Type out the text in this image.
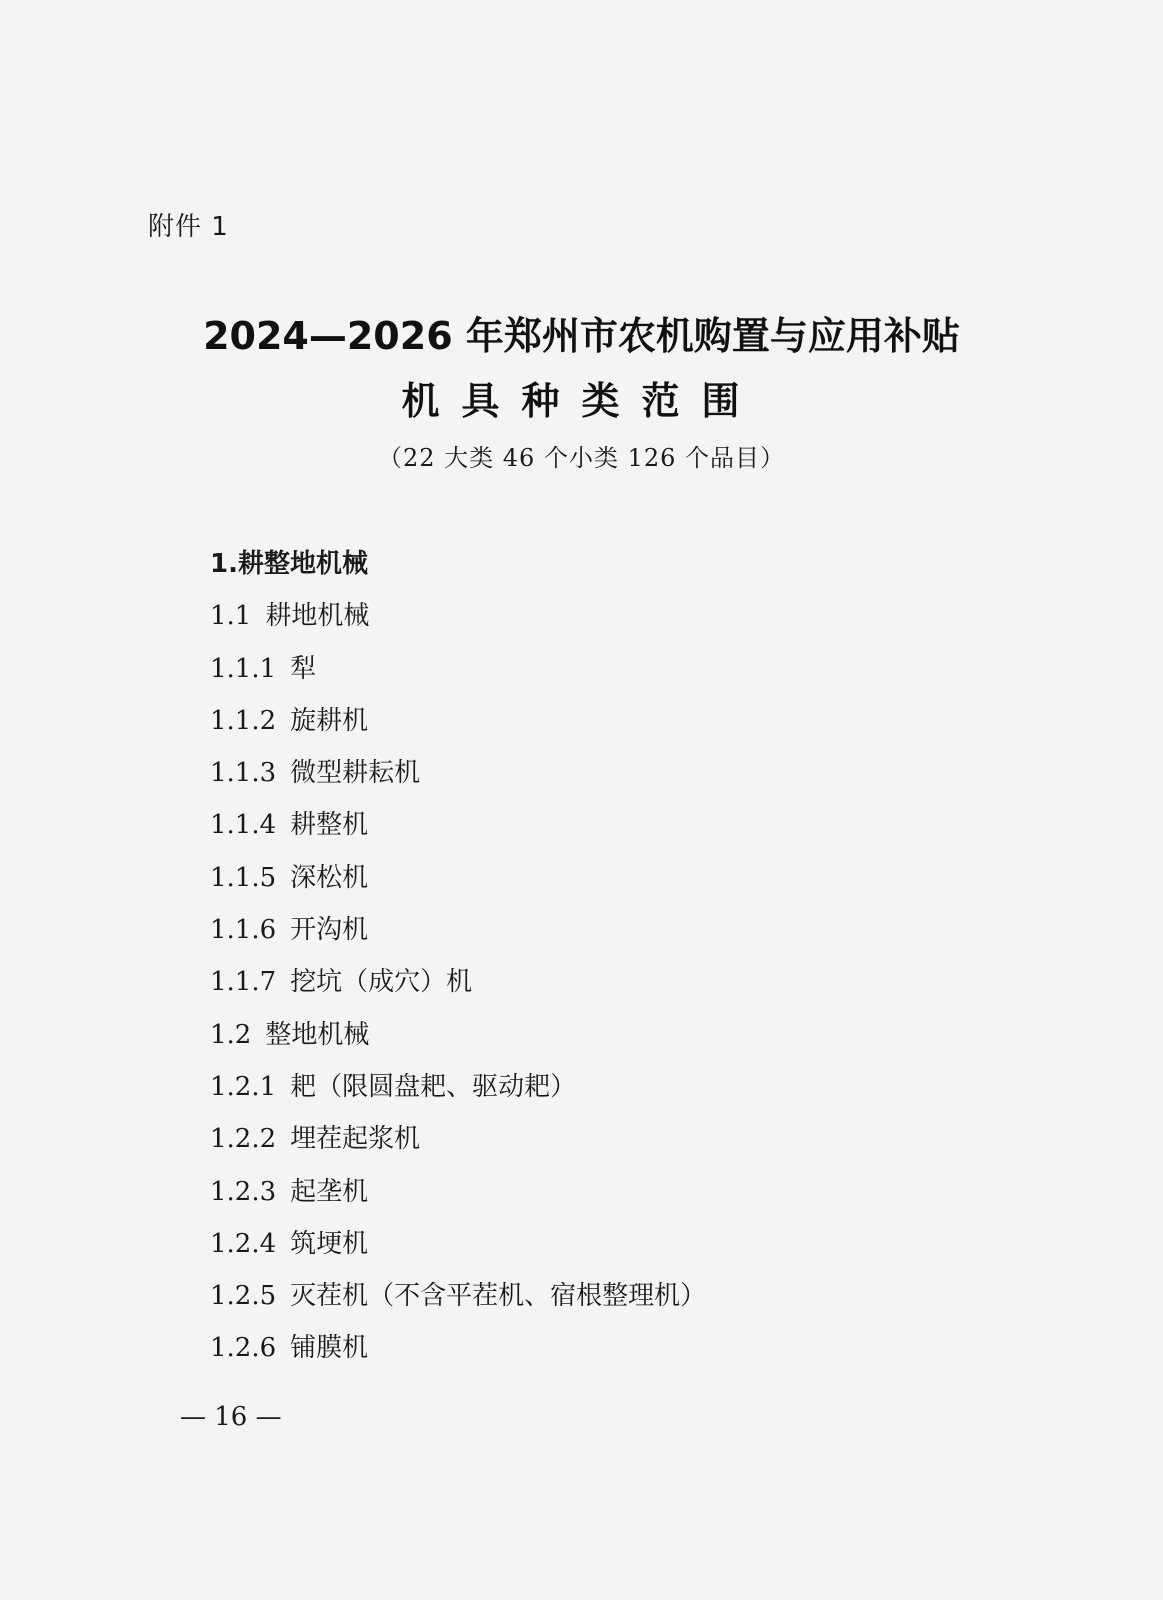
附件 1
2024—2026 年郑州市农机购置与应用补贴
机具种类范围
（22 大类 46 个小类 126 个品目）
1.耕整地机械
1.1 耕地机械
1.1.1 犁
1.1.2 旋耕机
1.1.3 微型耕耘机
1.1.4 耕整机
1.1.5 深松机
1.1.6 开沟机
1.1.7 挖坑（成穴）机
1.2 整地机械
1.2.1 耙（限圆盘耙、驱动耙）
1.2.2 埋茬起浆机
1.2.3 起垄机
1.2.4 筑埂机
1.2.5 灭茬机（不含平茬机、宿根整理机）
1.2.6 铺膜机
— 16 —
